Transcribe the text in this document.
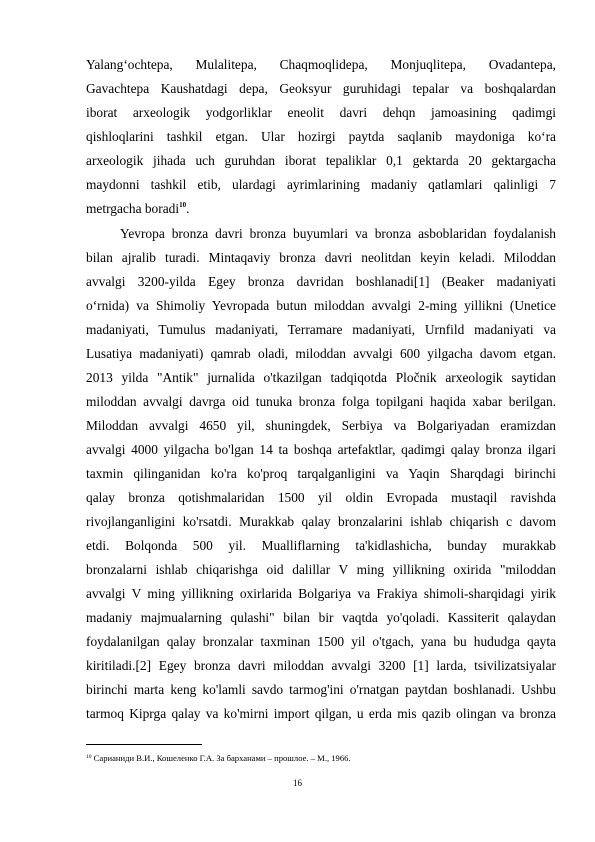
Yalang‘ochtepa, Mulalitepa, Chaqmoqlidepa, Monjuqlitepa, Ovadantepa,
Gavachtepa Kaushatdagi depa, Geoksyur guruhidagi tepalar va boshqalardan
iborat arxeologik yodgorliklar eneolit davri dehqn jamoasining qadimgi
qishloqlarini tashkil etgan. Ular hozirgi paytda saqlanib maydoniga ko‘ra
arxeologik jihada uch guruhdan iborat tepaliklar 0,1 gektarda 20 gektargacha
maydonni tashkil etib, ulardagi ayrimlarining madaniy qatlamlari qalinligi 7
metrgacha boradi$^{10}$.
Yevropa bronza davri bronza buyumlari va bronza asboblaridan foydalanish
bilan ajralib turadi. Mintaqaviy bronza davri neolitdan keyin keladi. Miloddan
avvalgi 3200-yilda Egey bronza davridan boshlanadi[1] (Beaker madaniyati
o‘rnida) va Shimoliy Yevropada butun miloddan avvalgi 2-ming yillikni (Unetice
madaniyati, Tumulus madaniyati, Terramare madaniyati, Urnfild madaniyati va
Lusatiya madaniyati) qamrab oladi, miloddan avvalgi 600 yilgacha davom etgan.
2013 yilda "Antik" jurnalida o'tkazilgan tadqiqotda Pločnik arxeologik saytidan
miloddan avvalgi davrga oid tunuka bronza folga topilgani haqida xabar berilgan.
Miloddan avvalgi 4650 yil, shuningdek, Serbiya va Bolgariyadan eramizdan
avvalgi 4000 yilgacha bo'lgan 14 ta boshqa artefaktlar, qadimgi qalay bronza ilgari
taxmin qilinganidan ko'ra ko'proq tarqalganligini va Yaqin Sharqdagi birinchi
qalay bronza qotishmalaridan 1500 yil oldin Evropada mustaqil ravishda
rivojlanganligini ko'rsatdi. Murakkab qalay bronzalarini ishlab chiqarish c davom
etdi. Bolqonda 500 yil. Mualliflarning ta'kidlashicha, bunday murakkab
bronzalarni ishlab chiqarishga oid dalillar V ming yillikning oxirida "miloddan
avvalgi V ming yillikning oxirlarida Bolgariya va Frakiya shimoli-sharqidagi yirik
madaniy majmualarning qulashi" bilan bir vaqtda yo'qoladi. Kassiterit qalaydan
foydalanilgan qalay bronzalar taxminan 1500 yil o'tgach, yana bu hududga qayta
kiritiladi.[2] Egey bronza davri miloddan avvalgi 3200 [1] larda, tsivilizatsiyalar
birinchi marta keng ko'lamli savdo tarmog'ini o'rnatgan paytdan boshlanadi. Ushbu
tarmoq Kiprga qalay va ko'mirni import qilgan, u erda mis qazib olingan va bronza
$^{10}$ Сарианиди В.И., Кошеленко Г.А. За барханами – прошлое. – М., 1966.
16
